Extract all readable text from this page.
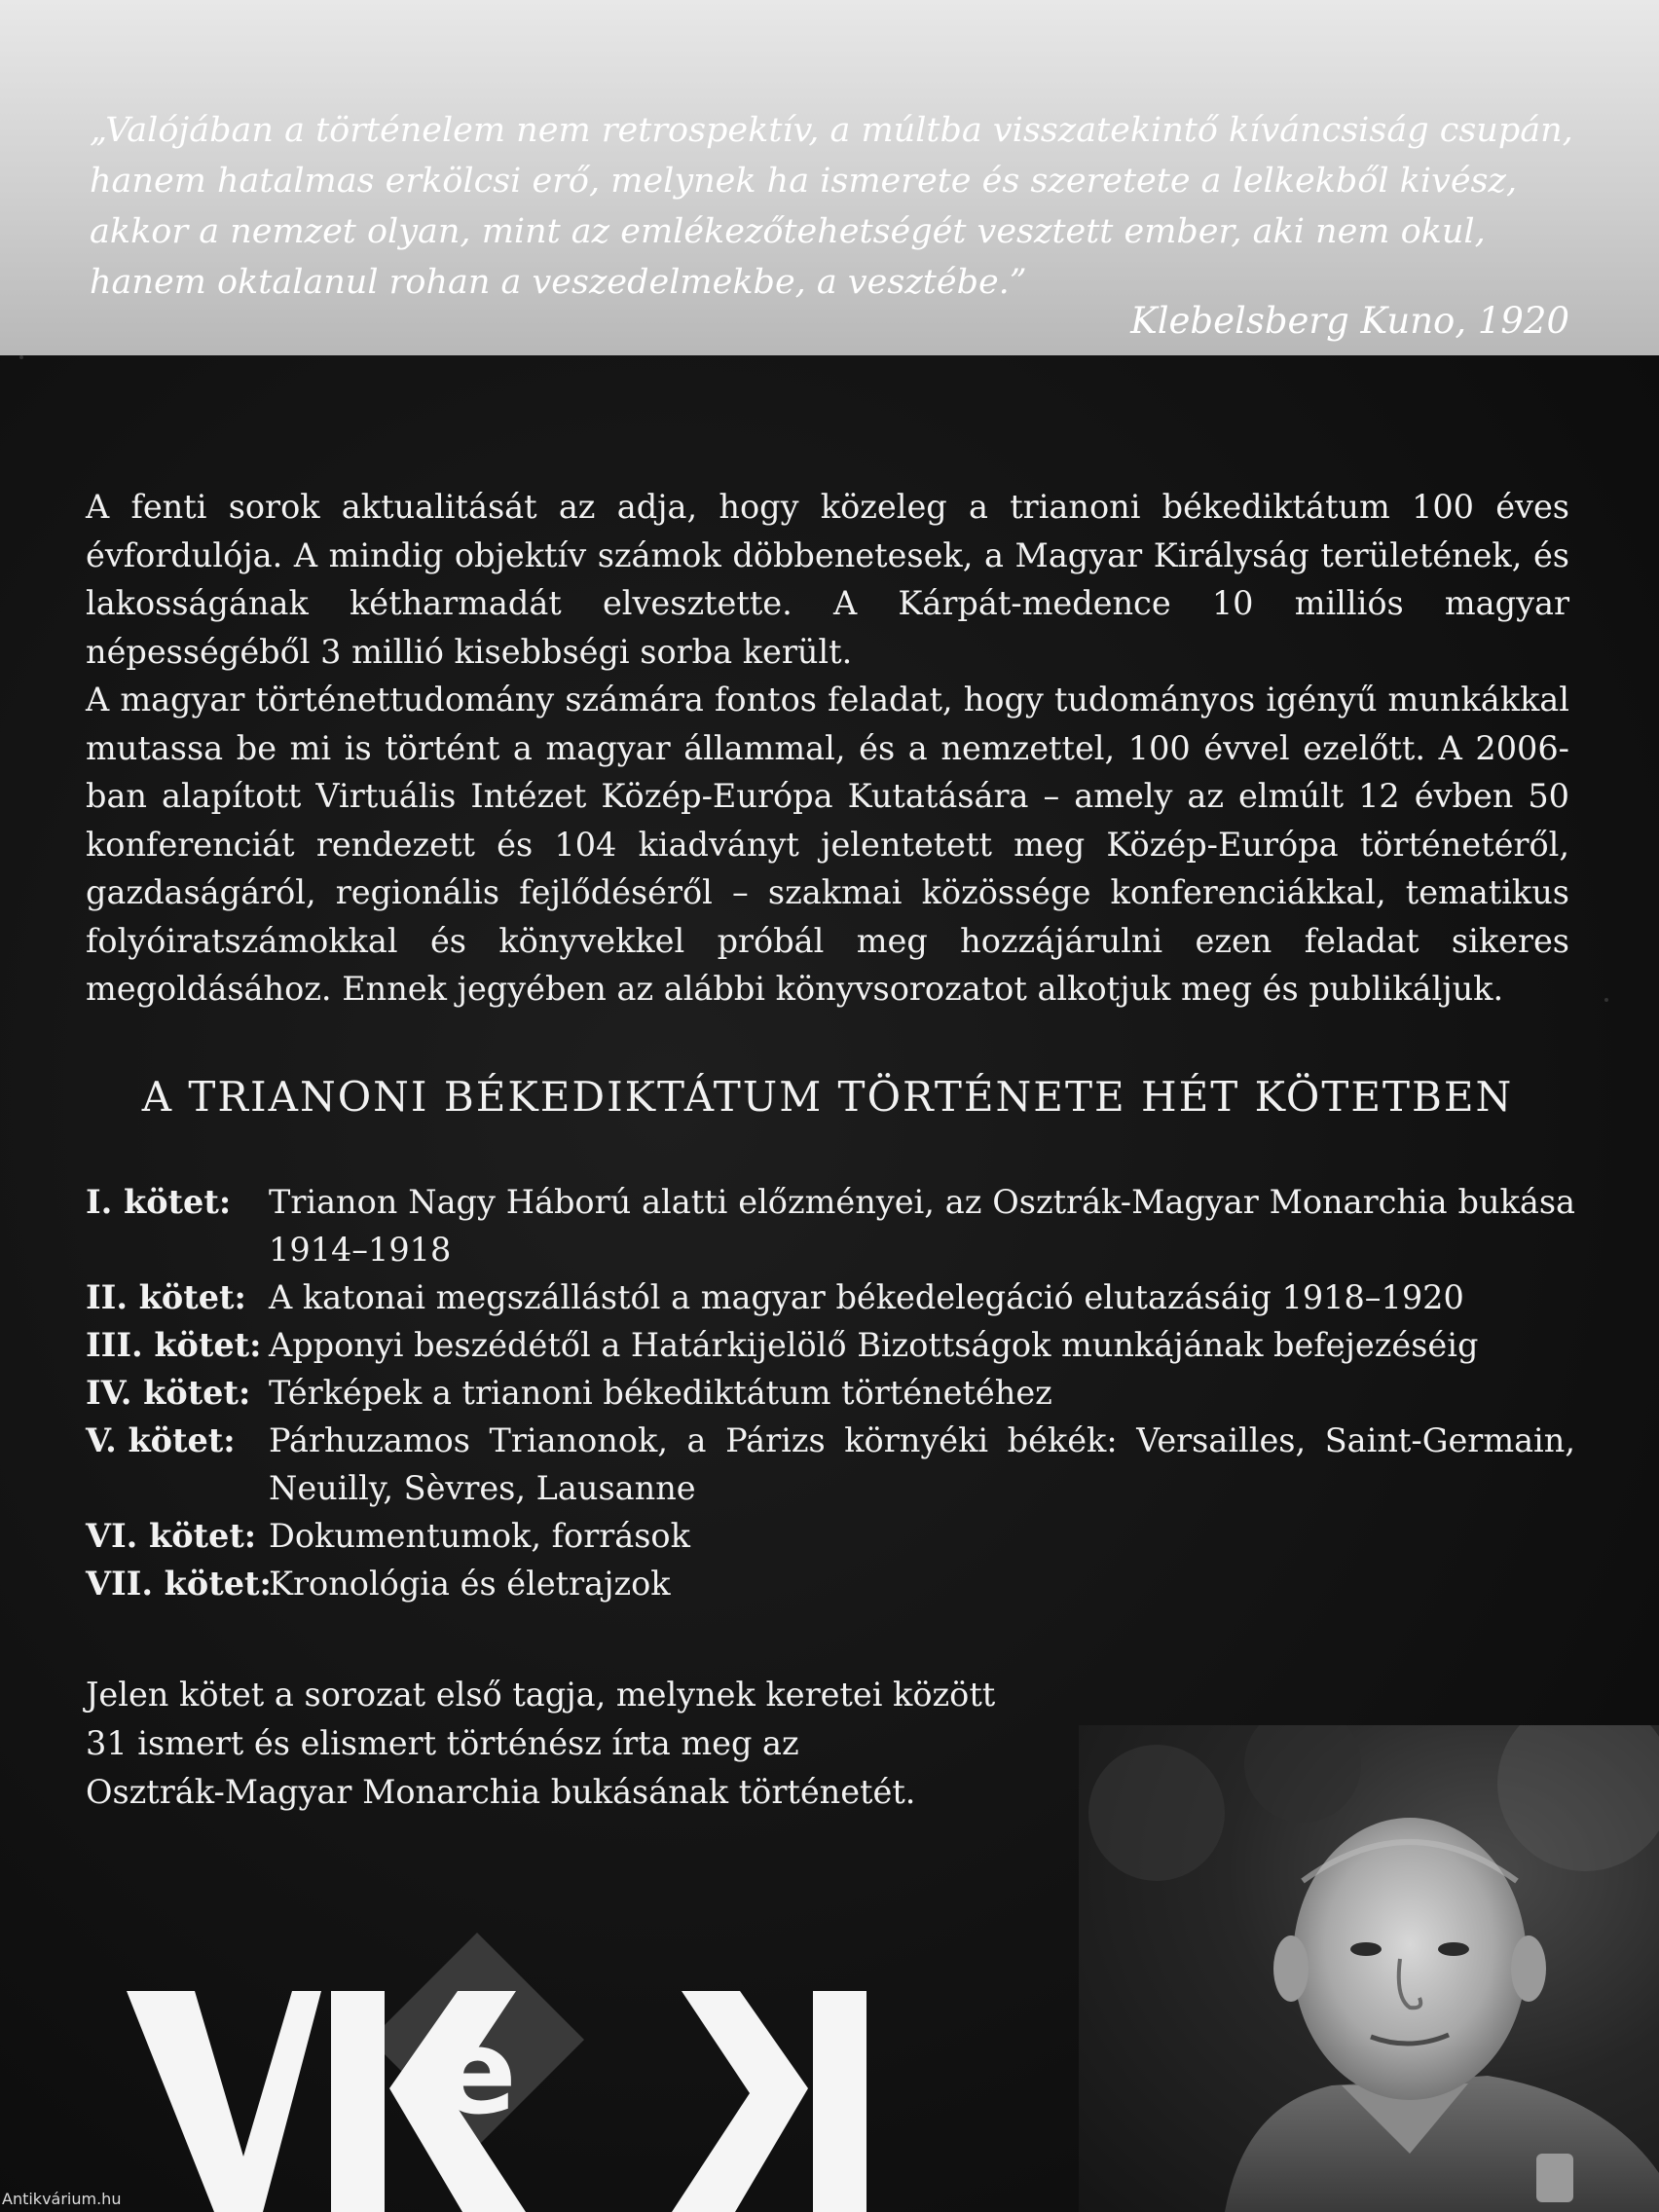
„Valójában a történelem nem retrospektív, a múltba visszatekintő kíváncsiság csupán, hanem hatalmas erkölcsi erő, melynek ha ismerete és szeretete a lelkekből kivész, akkor a nemzet olyan, mint az emlékezőtehetségét vesztett ember, aki nem okul, hanem oktalanul rohan a veszedelmekbe, a vesztébe.”

Klebelsberg Kuno, 1920

A fenti sorok aktualitását az adja, hogy közeleg a trianoni békediktátum 100 éves évfordulója. A mindig objektív számok döbbenetesek, a Magyar Királyság területének, és lakosságának kétharmadát elvesztette. A Kárpát-medence 10 milliós magyar népességéből 3 millió kisebbségi sorba került.

A magyar történettudomány számára fontos feladat, hogy tudományos igényű munkákkal mutassa be mi is történt a magyar állammal, és a nemzettel, 100 évvel ezelőtt. A 2006-ban alapított Virtuális Intézet Közép-Európa Kutatására – amely az elmúlt 12 évben 50 konferenciát rendezett és 104 kiadványt jelentetett meg Közép-Európa történetéről, gazdaságáról, regionális fejlődéséről – szakmai közössége konferenciákkal, tematikus folyóiratszámokkal és könyvekkel próbál meg hozzájárulni ezen feladat sikeres megoldásához. Ennek jegyében az alábbi könyvsorozatot alkotjuk meg és publikáljuk.

A TRIANONI BÉKEDIKTÁTUM TÖRTÉNETE HÉT KÖTETBEN
I. kötet:	Trianon Nagy Háború alatti előzményei, az Osztrák-Magyar Monarchia bukása 1914–1918
II. kötet: A katonai megszállástól a magyar békedelegáció elutazásáig 1918–1920
III. kötet: Apponyi beszédétől a Határkijelölő Bizottságok munkájának befejezéséig
IV. kötet: Térképek a trianoni békediktátum történetéhez
V. kötet:	Párhuzamos Trianonok, a Párizs környéki békék: Versailles, Saint-Germain, Neuilly, Sèvres, Lausanne
VI. kötet: Dokumentumok, források
VII. kötet:
Kronológia és életrajzok
Jelen kötet a sorozat első tagja, melynek keretei között
31 ismert és elismert történész írta meg az
Osztrák-Magyar Monarchia bukásának történetét.
e
Antikvárium.hu
